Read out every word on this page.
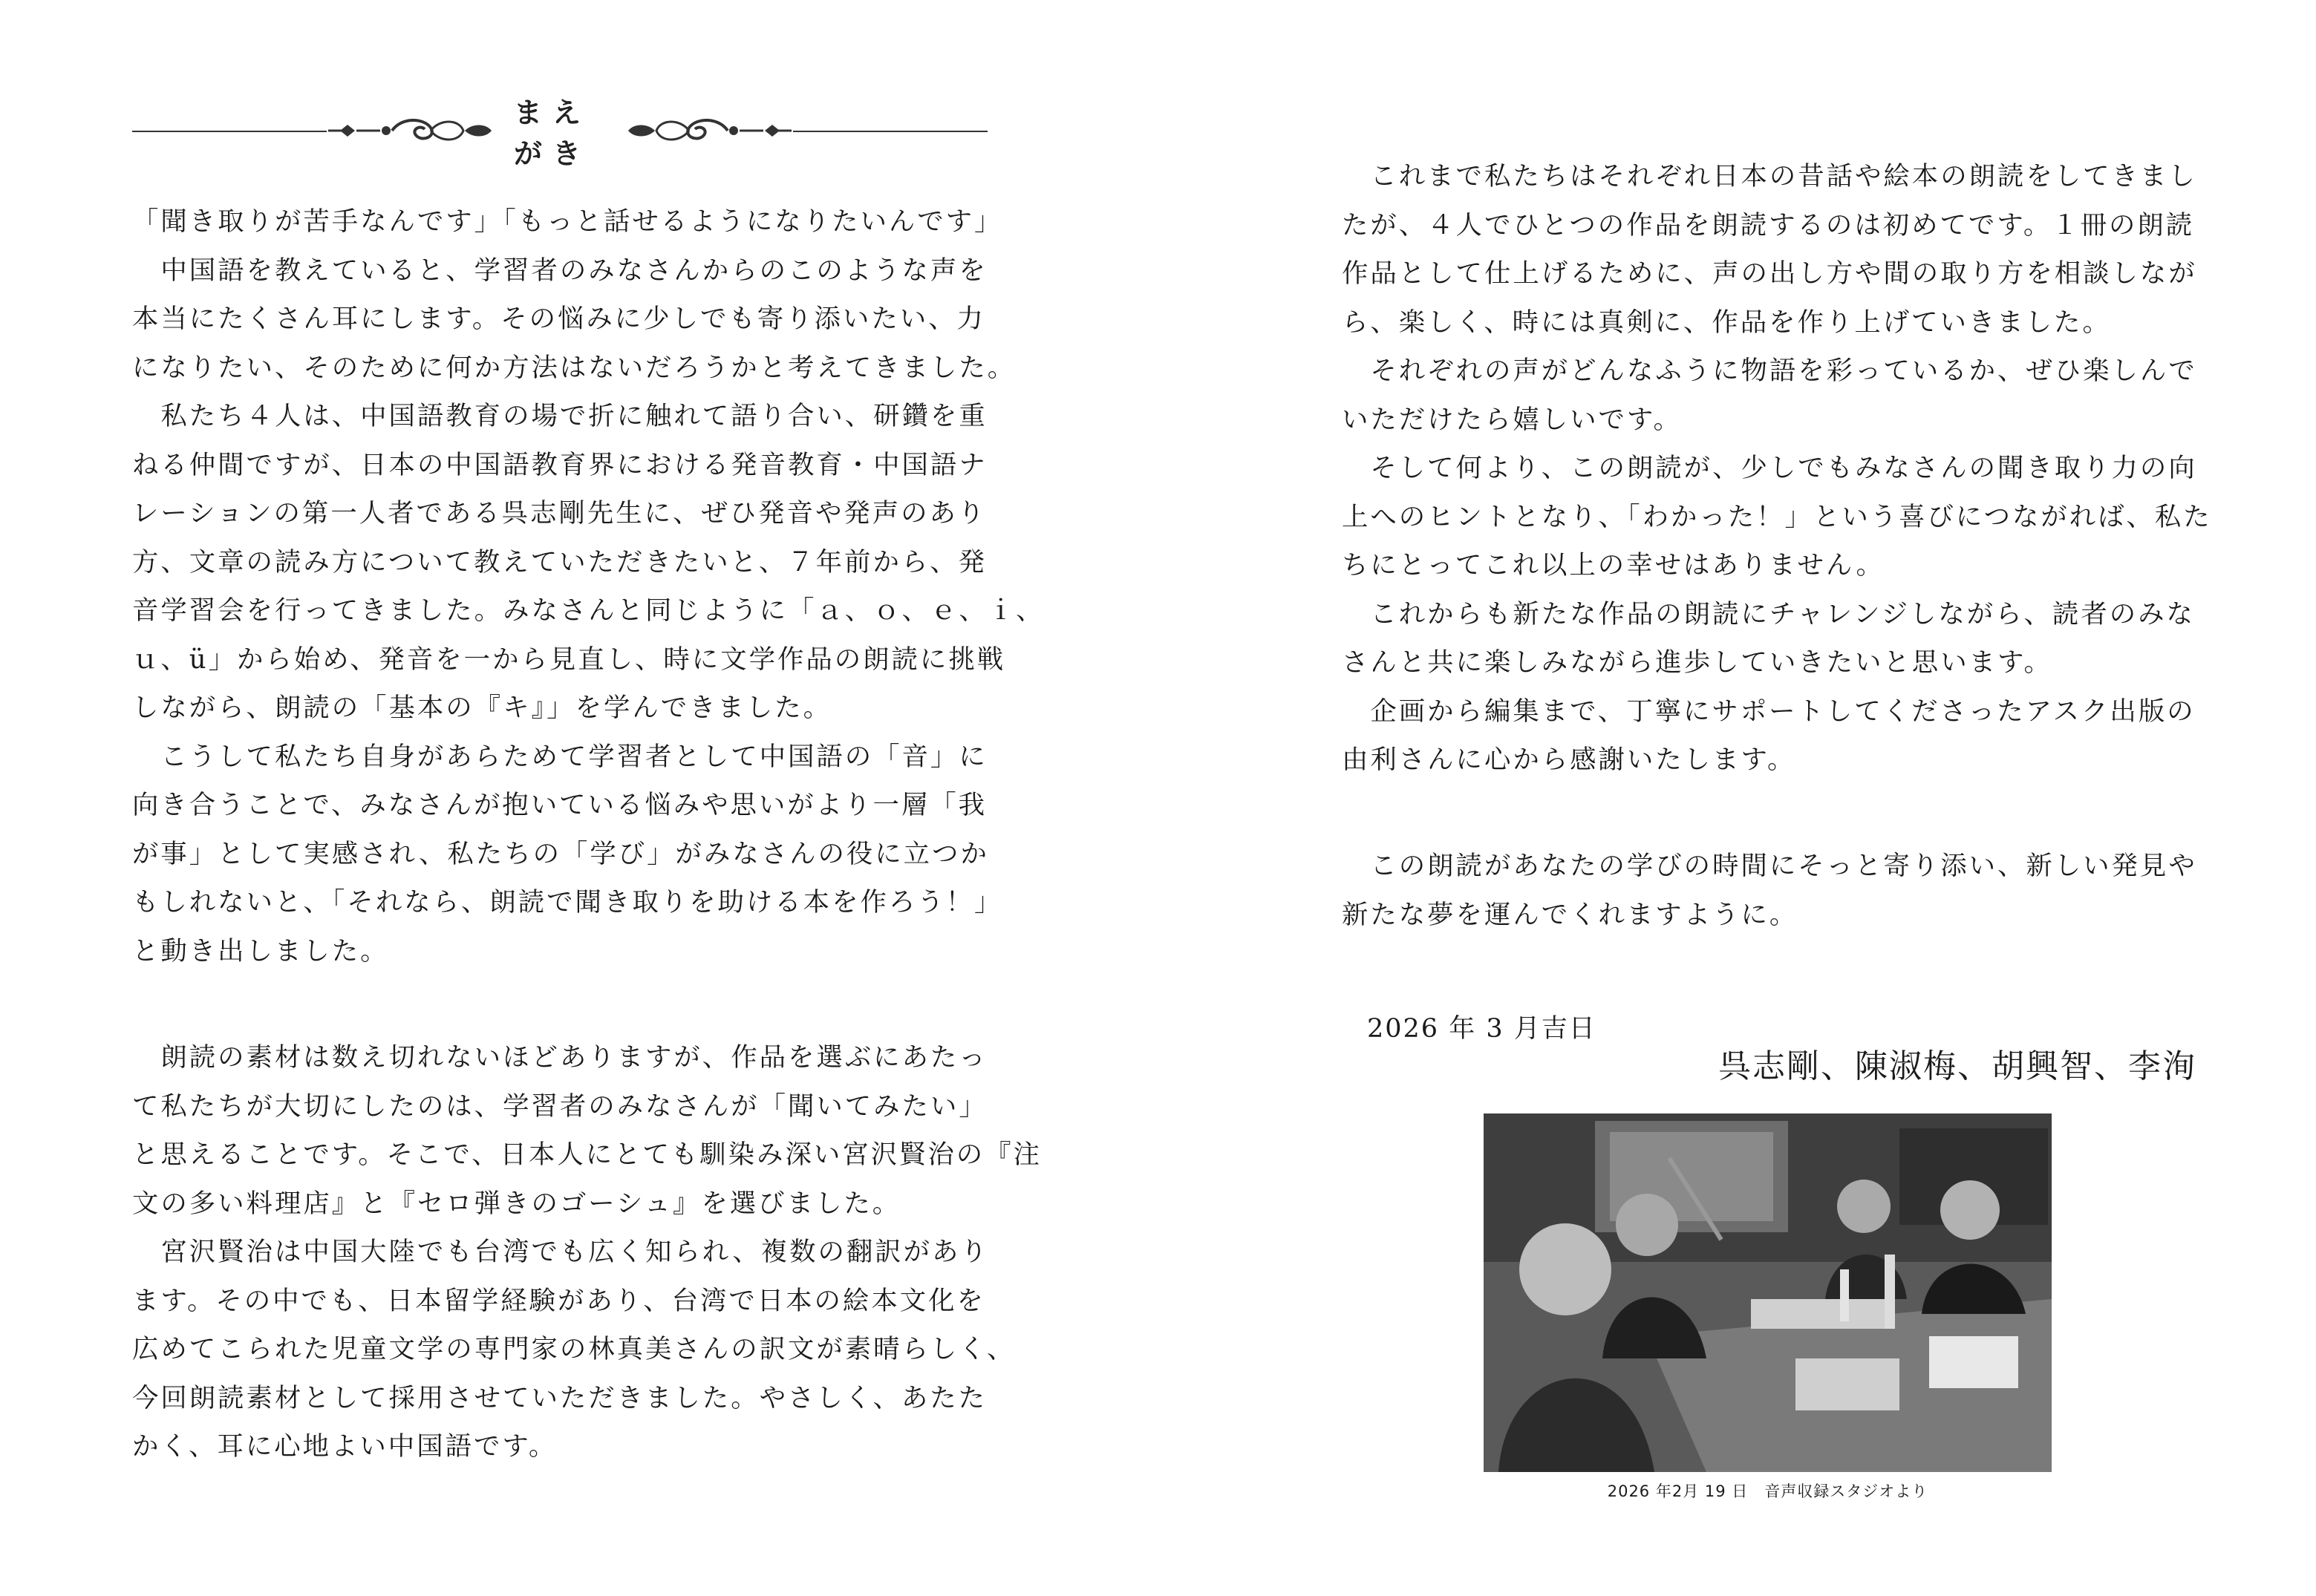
まえがき

「聞き取りが苦手なんです」「もっと話せるようになりたいんです」

　中国語を教えていると、学習者のみなさんからのこのような声を

本当にたくさん耳にします。その悩みに少しでも寄り添いたい、力

になりたい、そのために何か方法はないだろうかと考えてきました。

　私たち４人は、中国語教育の場で折に触れて語り合い、研鑽を重

ねる仲間ですが、日本の中国語教育界における発音教育・中国語ナ

レーションの第一人者である呉志剛先生に、ぜひ発音や発声のあり

方、文章の読み方について教えていただきたいと、７年前から、発

音学習会を行ってきました。みなさんと同じように「ａ、ｏ、ｅ、ｉ、

ｕ、ü」から始め、発音を一から見直し、時に文学作品の朗読に挑戦

しながら、朗読の「基本の『キ』」を学んできました。

　こうして私たち自身があらためて学習者として中国語の「音」に

向き合うことで、みなさんが抱いている悩みや思いがより一層「我

が事」として実感され、私たちの「学び」がみなさんの役に立つか

もしれないと、「それなら、朗読で聞き取りを助ける本を作ろう！」

と動き出しました。

　朗読の素材は数え切れないほどありますが、作品を選ぶにあたっ

て私たちが大切にしたのは、学習者のみなさんが「聞いてみたい」

と思えることです。そこで、日本人にとても馴染み深い宮沢賢治の『注

文の多い料理店』と『セロ弾きのゴーシュ』を選びました。

　宮沢賢治は中国大陸でも台湾でも広く知られ、複数の翻訳があり

ます。その中でも、日本留学経験があり、台湾で日本の絵本文化を

広めてこられた児童文学の専門家の林真美さんの訳文が素晴らしく、

今回朗読素材として採用させていただきました。やさしく、あたた

かく、耳に心地よい中国語です。

　これまで私たちはそれぞれ日本の昔話や絵本の朗読をしてきまし

たが、４人でひとつの作品を朗読するのは初めてです。１冊の朗読

作品として仕上げるために、声の出し方や間の取り方を相談しなが

ら、楽しく、時には真剣に、作品を作り上げていきました。

　それぞれの声がどんなふうに物語を彩っているか、ぜひ楽しんで

いただけたら嬉しいです。

　そして何より、この朗読が、少しでもみなさんの聞き取り力の向

上へのヒントとなり、「わかった！」という喜びにつながれば、私た

ちにとってこれ以上の幸せはありません。

　これからも新たな作品の朗読にチャレンジしながら、読者のみな

さんと共に楽しみながら進歩していきたいと思います。

　企画から編集まで、丁寧にサポートしてくださったアスク出版の

由利さんに心から感謝いたします。

　この朗読があなたの学びの時間にそっと寄り添い、新しい発見や

新たな夢を運んでくれますように。

2026 年 3 月吉日
呉志剛、陳淑梅、胡興智、李洵
2026 年2月 19 日　音声収録スタジオより
